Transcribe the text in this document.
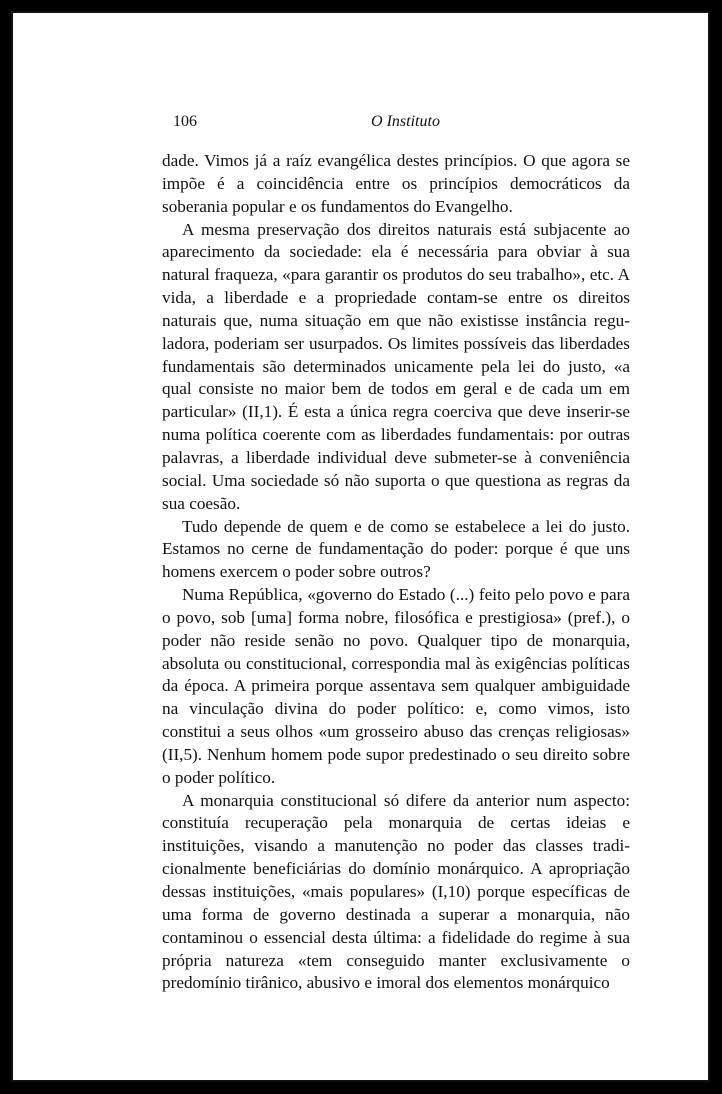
106	O Instituto

dade. Vimos já a raíz evangélica destes princípios. O que agora se impõe é a coincidência entre os princípios democráticos da soberania popular e os fundamentos do Evangelho.

A mesma preservação dos direitos naturais está subjacente ao aparecimento da sociedade: ela é necessária para obviar à sua natural fraqueza, «para garantir os produtos do seu trabalho», etc. A vida, a liberdade e a propriedade contam-se entre os direitos naturais que, numa situação em que não existisse instância reguladora, poderiam ser usurpados. Os limites possíveis das liberdades fundamentais são determinados unicamente pela lei do justo, «a qual consiste no maior bem de todos em geral e de cada um em particular» (II,1). É esta a única regra coerciva que deve inserir-se numa política coerente com as liberdades fundamentais: por outras palavras, a liberdade individual deve submeter-se à conveniência social. Uma sociedade só não suporta o que questiona as regras da sua coesão.

Tudo depende de quem e de como se estabelece a lei do justo. Estamos no cerne de fundamentação do poder: porque é que uns homens exercem o poder sobre outros?

Numa República, «governo do Estado (...) feito pelo povo e para o povo, sob [uma] forma nobre, filosófica e prestigiosa» (pref.), o poder não reside senão no povo. Qualquer tipo de monarquia, absoluta ou constitucional, correspondia mal às exigências políticas da época. A primeira porque assentava sem qualquer ambiguidade na vinculação divina do poder político: e, como vimos, isto constitui a seus olhos «um grosseiro abuso das crenças religiosas» (II,5). Nenhum homem pode supor predestinado o seu direito sobre o poder político.

A monarquia constitucional só difere da anterior num aspecto: constituía recuperação pela monarquia de certas ideias e instituições, visando a manutenção no poder das classes tradicionalmente beneficiárias do domínio monárquico. A apropriação dessas instituições, «mais populares» (I,10) porque específicas de uma forma de governo destinada a superar a monarquia, não contaminou o essencial desta última: a fidelidade do regime à sua própria natureza «tem conseguido manter exclusivamente o predomínio tirânico, abusivo e imoral dos elementos monárquico
